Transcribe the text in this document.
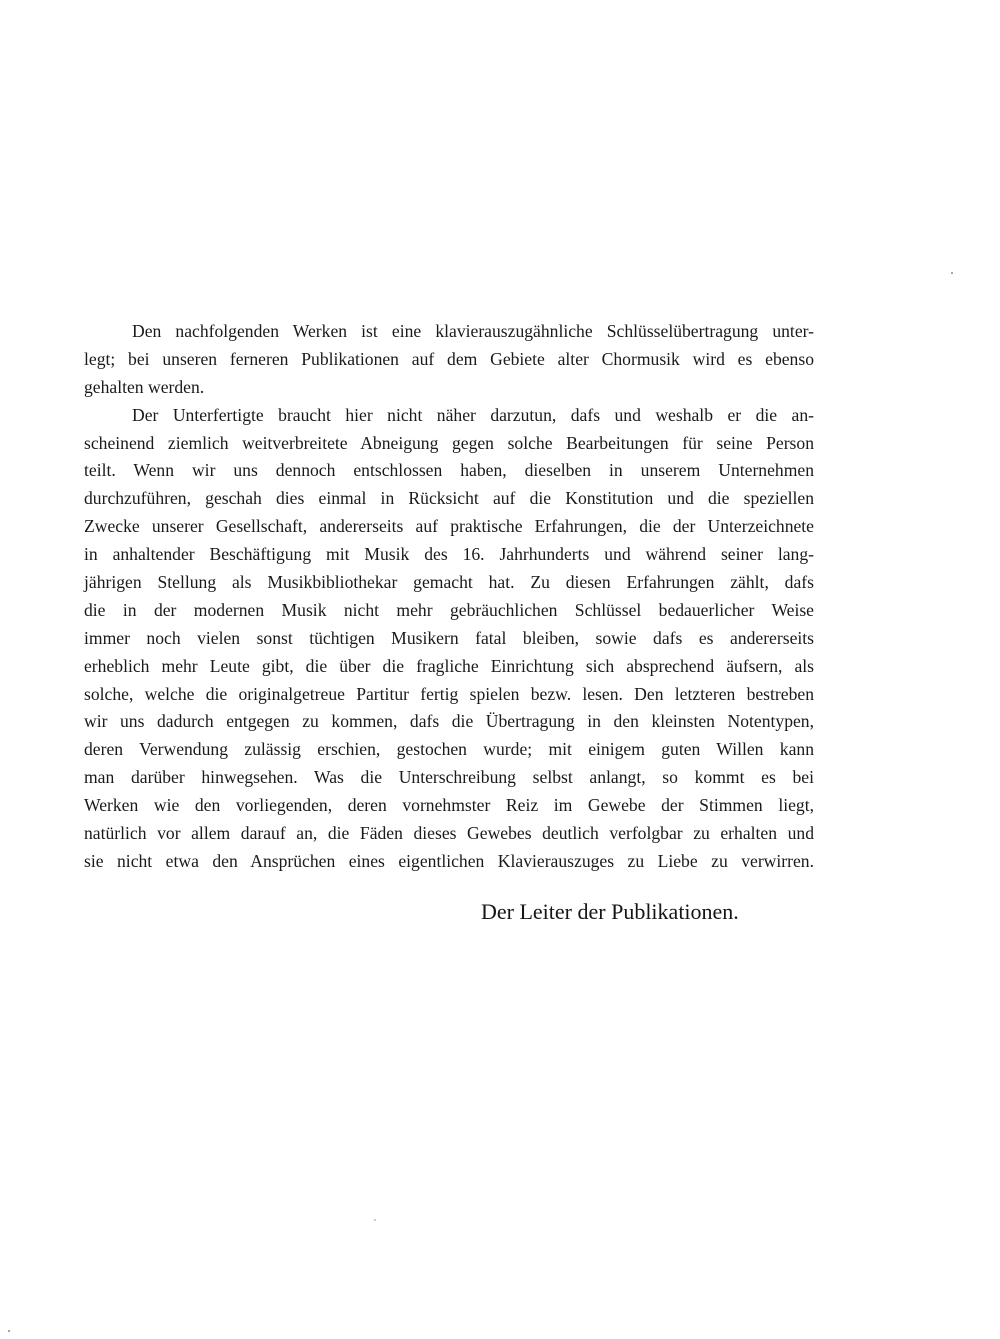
Den nachfolgenden Werken ist eine klavierauszugähnliche Schlüsselübertragung unter-
legt; bei unseren ferneren Publikationen auf dem Gebiete alter Chormusik wird es ebenso
gehalten werden.
Der Unterfertigte braucht hier nicht näher darzutun, dafs und weshalb er die an-
scheinend ziemlich weitverbreitete Abneigung gegen solche Bearbeitungen für seine Person
teilt. Wenn wir uns dennoch entschlossen haben, dieselben in unserem Unternehmen
durchzuführen, geschah dies einmal in Rücksicht auf die Konstitution und die speziellen
Zwecke unserer Gesellschaft, andererseits auf praktische Erfahrungen, die der Unterzeichnete
in anhaltender Beschäftigung mit Musik des 16. Jahrhunderts und während seiner lang-
jährigen Stellung als Musikbibliothekar gemacht hat. Zu diesen Erfahrungen zählt, dafs
die in der modernen Musik nicht mehr gebräuchlichen Schlüssel bedauerlicher Weise
immer noch vielen sonst tüchtigen Musikern fatal bleiben, sowie dafs es andererseits
erheblich mehr Leute gibt, die über die fragliche Einrichtung sich absprechend äufsern, als
solche, welche die originalgetreue Partitur fertig spielen bezw. lesen. Den letzteren bestreben
wir uns dadurch entgegen zu kommen, dafs die Übertragung in den kleinsten Notentypen,
deren Verwendung zulässig erschien, gestochen wurde; mit einigem guten Willen kann
man darüber hinwegsehen. Was die Unterschreibung selbst anlangt, so kommt es bei
Werken wie den vorliegenden, deren vornehmster Reiz im Gewebe der Stimmen liegt,
natürlich vor allem darauf an, die Fäden dieses Gewebes deutlich verfolgbar zu erhalten und
sie nicht etwa den Ansprüchen eines eigentlichen Klavierauszuges zu Liebe zu verwirren.
Der Leiter der Publikationen.
